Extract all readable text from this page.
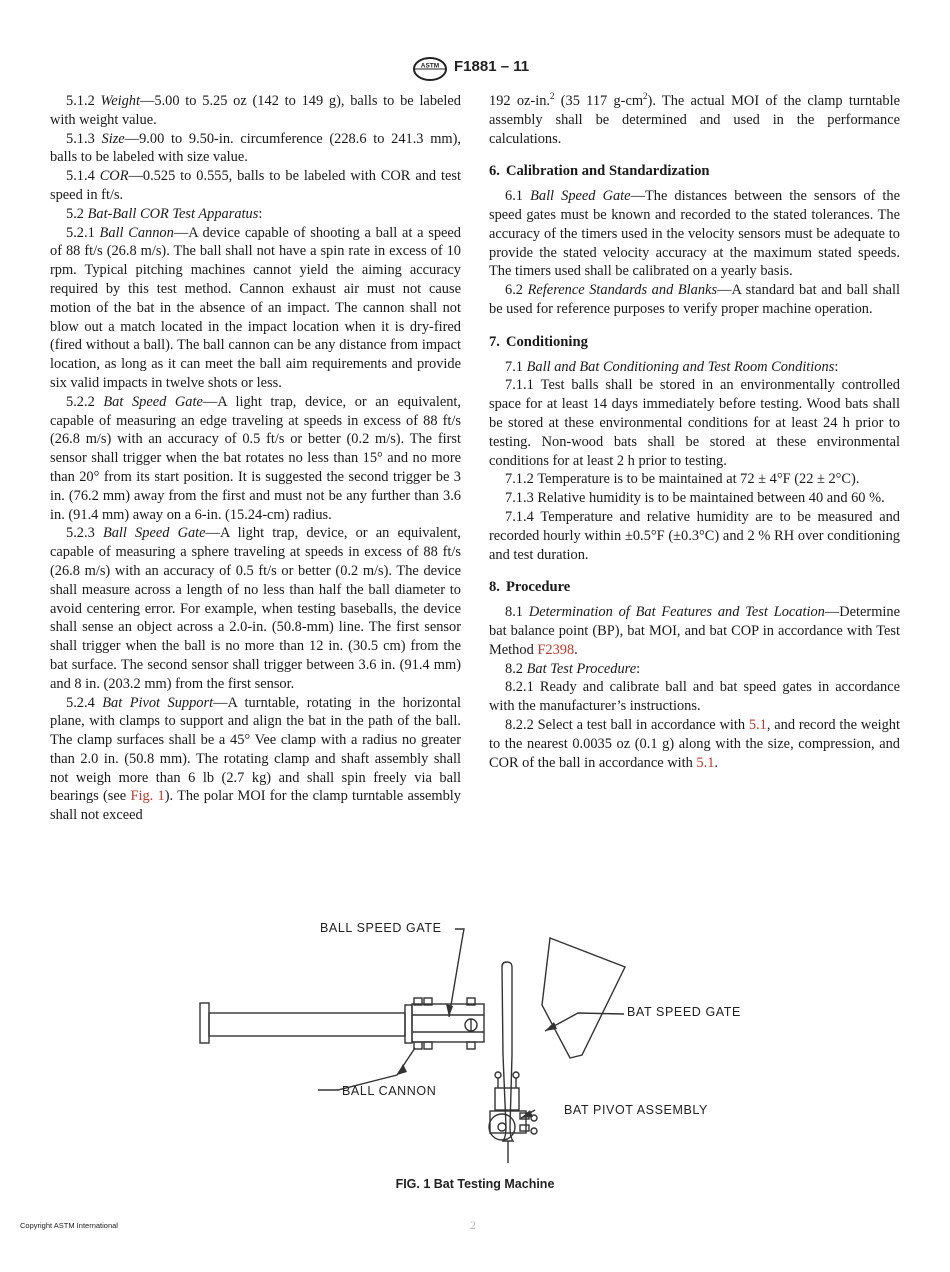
ASTM F1881 – 11

5.1.2 Weight—5.00 to 5.25 oz (142 to 149 g), balls to be labeled with weight value.

5.1.3 Size—9.00 to 9.50-in. circumference (228.6 to 241.3 mm), balls to be labeled with size value.

5.1.4 COR—0.525 to 0.555, balls to be labeled with COR and test speed in ft/s.

5.2 Bat-Ball COR Test Apparatus:

5.2.1 Ball Cannon—A device capable of shooting a ball at a speed of 88 ft/s (26.8 m/s). The ball shall not have a spin rate in excess of 10 rpm. Typical pitching machines cannot yield the aiming accuracy required by this test method. Cannon exhaust air must not cause motion of the bat in the absence of an impact. The cannon shall not blow out a match located in the impact location when it is dry-fired (fired without a ball). The ball cannon can be any distance from impact location, as long as it can meet the ball aim requirements and provide six valid impacts in twelve shots or less.

5.2.2 Bat Speed Gate—A light trap, device, or an equivalent, capable of measuring an edge traveling at speeds in excess of 88 ft/s (26.8 m/s) with an accuracy of 0.5 ft/s or better (0.2 m/s). The first sensor shall trigger when the bat rotates no less than 15° and no more than 20° from its start position. It is suggested the second trigger be 3 in. (76.2 mm) away from the first and must not be any further than 3.6 in. (91.4 mm) away on a 6-in. (15.24-cm) radius.

5.2.3 Ball Speed Gate—A light trap, device, or an equivalent, capable of measuring a sphere traveling at speeds in excess of 88 ft/s (26.8 m/s) with an accuracy of 0.5 ft/s or better (0.2 m/s). The device shall measure across a length of no less than half the ball diameter to avoid centering error. For example, when testing baseballs, the device shall sense an object across a 2.0-in. (50.8-mm) line. The first sensor shall trigger when the ball is no more than 12 in. (30.5 cm) from the bat surface. The second sensor shall trigger between 3.6 in. (91.4 mm) and 8 in. (203.2 mm) from the first sensor.

5.2.4 Bat Pivot Support—A turntable, rotating in the horizontal plane, with clamps to support and align the bat in the path of the ball. The clamp surfaces shall be a 45° Vee clamp with a radius no greater than 2.0 in. (50.8 mm). The rotating clamp and shaft assembly shall not weigh more than 6 lb (2.7 kg) and shall spin freely via ball bearings (see Fig. 1). The polar MOI for the clamp turntable assembly shall not exceed

192 oz-in.$^2$ (35 117 $g-cm^2$). The actual MOI of the clamp turntable assembly shall be determined and used in the performance calculations.

6. Calibration and Standardization

6.1 Ball Speed Gate—The distances between the sensors of the speed gates must be known and recorded to the stated tolerances. The accuracy of the timers used in the velocity sensors must be adequate to provide the stated velocity accuracy at the maximum stated speeds. The timers used shall be calibrated on a yearly basis.

6.2 Reference Standards and Blanks—A standard bat and ball shall be used for reference purposes to verify proper machine operation.

7. Conditioning

7.1 Ball and Bat Conditioning and Test Room Conditions:

7.1.1 Test balls shall be stored in an environmentally controlled space for at least 14 days immediately before testing. Wood bats shall be stored at these environmental conditions for at least 24 h prior to testing. Non-wood bats shall be stored at these environmental conditions for at least 2 h prior to testing.

7.1.2 Temperature is to be maintained at 72 ± 4°F (22 ± 2°C).

7.1.3 Relative humidity is to be maintained between 40 and 60 %.

7.1.4 Temperature and relative humidity are to be measured and recorded hourly within ±0.5°F (±0.3°C) and 2 % RH over conditioning and test duration.

8. Procedure

8.1 Determination of Bat Features and Test Location—Determine bat balance point (BP), bat MOI, and bat COP in accordance with Test Method F2398.

8.2 Bat Test Procedure:

8.2.1 Ready and calibrate ball and bat speed gates in accordance with the manufacturer’s instructions.

8.2.2 Select a test ball in accordance with 5.1, and record the weight to the nearest 0.0035 oz (0.1 g) along with the size, compression, and COR of the ball in accordance with 5.1.

BALL SPEED GATE
BAT SPEED GATE
BALL CANNON
BAT PIVOT ASSEMBLY
FIG. 1 Bat Testing Machine
Copyright ASTM International	2
